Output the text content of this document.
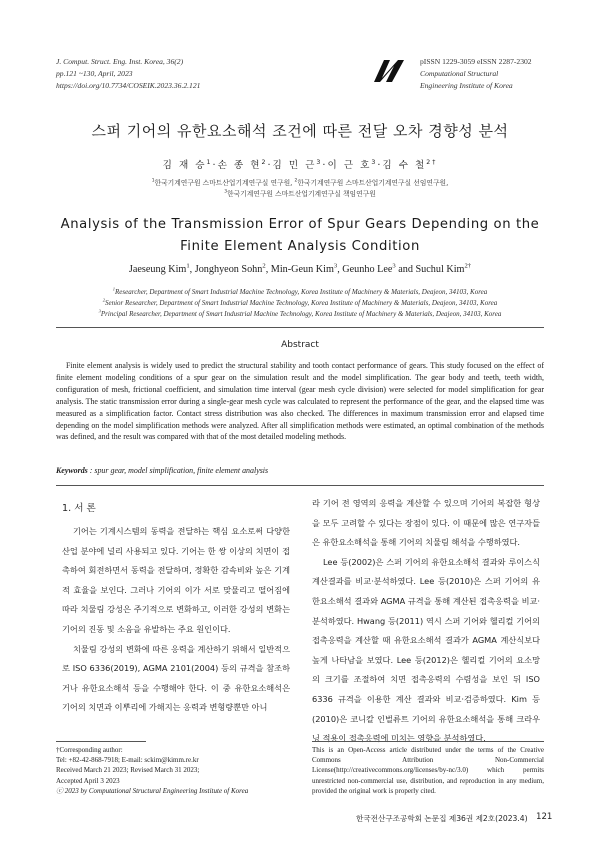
J. Comput. Struct. Eng. Inst. Korea, 36(2)
pp.121 ~130, April, 2023
https://doi.org/10.7734/COSEIK.2023.36.2.121
pISSN 1229-3059 eISSN 2287-2302
Computational Structural
Engineering Institute of Korea
스퍼 기어의 유한요소해석 조건에 따른 전달 오차 경향성 분석
김 재 승$^1$·손 종 현$^2$·김 민 근$^3$·이 근 호$^3$·김 수 철$^{2\dagger}$
$^1$한국기계연구원 스마트산업기계연구실 연구원, $^2$한국기계연구원 스마트산업기계연구실 선임연구원,
$^3$한국기계연구원 스마트산업기계연구실 책임연구원
Analysis of the Transmission Error of Spur Gears Depending on the
Finite Element Analysis Condition
Jaeseung Kim$^1$, Jonghyeon Sohn$^2$, Min-Geun Kim$^3$, Geunho Lee$^3$ and Suchul Kim$^{2\dagger}$
$^1$Researcher, Department of Smart Industrial Machine Technology, Korea Institute of Machinery & Materials, Deajeon, 34103, Korea
$^2$Senior Researcher, Department of Smart Industrial Machine Technology, Korea Institute of Machinery & Materials, Deajeon, 34103, Korea
$^3$Principal Researcher, Department of Smart Industrial Machine Technology, Korea Institute of Machinery & Materials, Deajeon, 34103, Korea
Abstract
Finite element analysis is widely used to predict the structural stability and tooth contact performance of gears. This study focused on the effect of finite element modeling conditions of a spur gear on the simulation result and the model simplification. The gear body and teeth, teeth width, configuration of mesh, frictional coefficient, and simulation time interval (gear mesh cycle division) were selected for model simplification for gear analysis. The static transmission error during a single-gear mesh cycle was calculated to represent the performance of the gear, and the elapsed time was measured as a simplification factor. Contact stress distribution was also checked. The differences in maximum transmission error and elapsed time depending on the model simplification methods were analyzed. After all simplification methods were estimated, an optimal combination of the methods was defined, and the result was compared with that of the most detailed modeling methods.
Keywords : spur gear, model simplification, finite element analysis
1. 서 론

기어는 기계시스템의 동력을 전달하는 핵심 요소로써 다양한 산업 분야에 널리 사용되고 있다. 기어는 한 쌍 이상의 치면이 접촉하여 회전하면서 동력을 전달하며, 정확한 감속비와 높은 기계적 효율을 보인다. 그러나 기어의 이가 서로 맞물리고 떨어짐에 따라 치물림 강성은 주기적으로 변화하고, 이러한 강성의 변화는 기어의 진동 및 소음을 유발하는 주요 원인이다.

치물림 강성의 변화에 따른 응력을 계산하기 위해서 일반적으로 ISO 6336(2019), AGMA 2101(2004) 등의 규격을 참조하거나 유한요소해석 등을 수행해야 한다. 이 중 유한요소해석은 기어의 치면과 이뿌리에 가해지는 응력과 변형량뿐만 아니

라 기어 전 영역의 응력을 계산할 수 있으며 기어의 복잡한 형상을 모두 고려할 수 있다는 장점이 있다. 이 때문에 많은 연구자들은 유한요소해석을 통해 기어의 치물림 해석을 수행하였다.

Lee 등(2002)은 스퍼 기어의 유한요소해석 결과와 루이스식 계산결과를 비교·분석하였다. Lee 등(2010)은 스퍼 기어의 유한요소해석 결과와 AGMA 규격을 통해 계산된 접촉응력을 비교·분석하였다. Hwang 등(2011) 역시 스퍼 기어와 헬리컬 기어의 접촉응력을 계산할 때 유한요소해석 결과가 AGMA 계산식보다 높게 나타남을 보였다. Lee 등(2012)은 헬리컬 기어의 요소망의 크기를 조절하여 치면 접촉응력의 수렴성을 보인 뒤 ISO 6336 규격을 이용한 계산 결과와 비교·검증하였다. Kim 등(2010)은 코니칼 인벌류트 기어의 유한요소해석을 통해 크라우닝 적용이 접촉응력에 미치는 영향을 분석하였다.

†Corresponding author:
Tel: +82-42-868-7918; E-mail: sckim@kimm.re.kr
Received March 21 2023; Revised March 31 2023;
Accepted April 3 2023
ⓒ 2023 by Computational Structural Engineering Institute of Korea
This is an Open-Access article distributed under the terms of the Creative Commons Attribution Non-Commercial License(http://creativecommons.org/licenses/by-nc/3.0) which permits unrestricted non-commercial use, distribution, and reproduction in any medium, provided the original work is properly cited.
한국전산구조공학회 논문집 제36권 제2호(2023.4) 121
